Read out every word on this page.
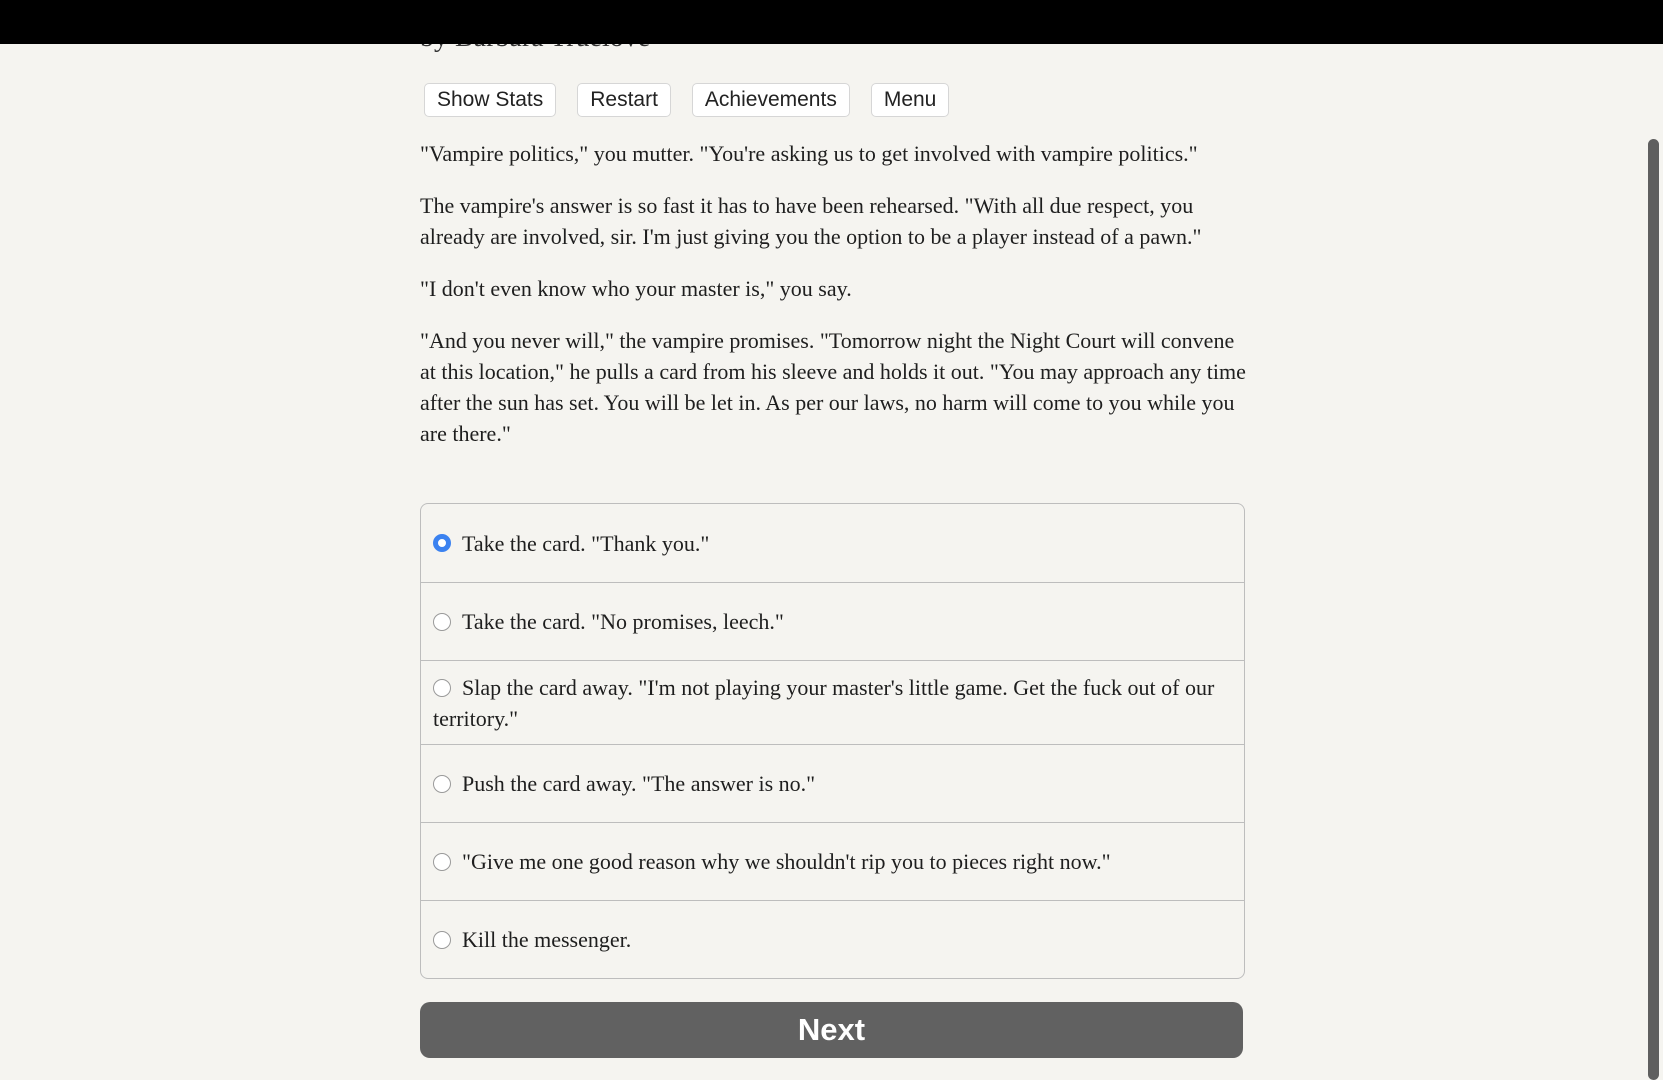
Show Stats	Restart	Achievements	Menu

"Vampire politics," you mutter. "You're asking us to get involved with vampire politics."

The vampire's answer is so fast it has to have been rehearsed. "With all due respect, you already are involved, sir. I'm just giving you the option to be a player instead of a pawn."

"I don't even know who your master is," you say.

"And you never will," the vampire promises. "Tomorrow night the Night Court will convene at this location," he pulls a card from his sleeve and holds it out. "You may approach any time after the sun has set. You will be let in. As per our laws, no harm will come to you while you are there."

Take the card. "Thank you."
Take the card. "No promises, leech."
Slap the card away. "I'm not playing your master's little game. Get the fuck out of our territory."
Push the card away. "The answer is no."
"Give me one good reason why we shouldn't rip you to pieces right now."
Kill the messenger.
Next
